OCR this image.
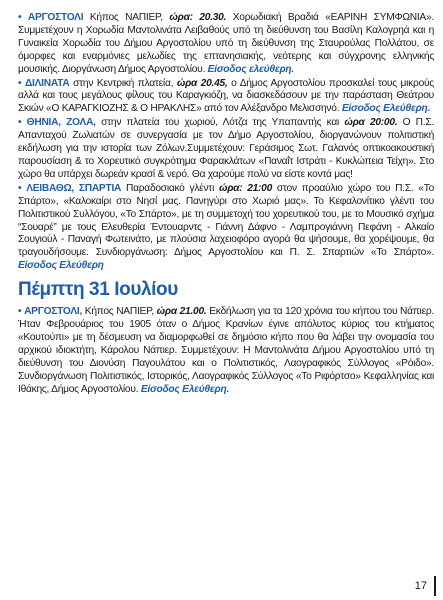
• ΑΡΓΟΣΤΟΛΙ Κήπος ΝΑΠΙΕΡ, ώρα: 20.30. Χορωδιακή Βραδιά «ΕΑΡΙΝΗ ΣΥΜΦΩΝΙΑ». Συμμετέχουν η Χορωδία Μαντολινάτα Λειβαθούς υπό τη διεύθυνση του Βασίλη Καλογρηά και η Γυναικεία Χορωδία του Δήμου Αργοστολίου υπό τη διεύθυνση της Σταυρούλας Πολλάτου, σε όμορφες και εναρμόνιες μελωδίες της επτανησιακής, νεότερης και σύγχρονης ελληνικής μουσικής. Διοργάνωση Δήμος Αργοστολίου. Είσοδος ελεύθερη.

• ΔΙΛΙΝΑΤΑ στην Κεντρική πλατεία, ώρα 20.45, ο Δήμος Αργοστολίου προσκαλεί τους μικρούς αλλά και τους μεγάλους φίλους του Καραγκιόζη, να διασκεδάσουν με την παράσταση Θεάτρου Σκιών «Ο ΚΑΡΑΓΚΙΟΖΗΣ & Ο ΗΡΑΚΛΗΣ» από τον Αλέξανδρο Μελισσηνό. Είσοδος Ελεύθερη.

• ΘΗΝΙΑ, ΖΟΛΑ, στην πλατεία του χωριού, Λότζα της Υπαπαντής και ώρα 20:00. Ο Π.Σ. Απανταχού Ζωλιατών σε συνεργασία με τον Δήμο Αργοστολίου, διοργανώνουν πολιτιστική εκδήλωση για την ιστορία των Ζόλων.Συμμετέχουν: Γεράσιμος Σωτ. Γαλανός οπτικοακουστική παρουσίαση & το Χορευτικό συγκρότημα Φαρακλάτων «Παναΐτ Ιστράτι - Κυκλώπεια Τείχη». Στο χώρο θα υπάρχει δωρεάν κρασί & νερό. Θα χαρούμε πολύ να είστε κοντά μας!

• ΛΕΙΒΑΘΩ, ΣΠΑΡΤΙΑ Παραδοσιακό γλέντι ώρα: 21:00 στον προαύλιο χώρο του Π.Σ. «Το Σπάρτο», «Καλοκαίρι στο Νησί μας. Πανηγύρι στο Χωριό μας». Το Κεφαλονίτικο γλέντι του Πολιτιστικού Συλλόγου, «Το Σπάρτο», με τη συμμετοχή του χορευτικού του, με το Μουσικό σχήμα “Σουαρέ” με τους Ελευθερία Έντουαρντς - Γιάννη Δάφνο - Λαμπρογιάννη Πεφάνη - Αλκαίο Σουγιούλ - Παναγή Φωτεινάτο, με πλούσια λαχειοφόρο αγορά θα ψήσουμε, θα χορέψουμε, θα τραγουδήσουμε. Συνδιοργάνωση: Δήμος Αργοστολίου και Π. Σ. Σπαρτιών «Το Σπάρτο». Είσοδος Ελεύθερη

Πέμπτη 31 Ιουλίου

• ΑΡΓΟΣΤΟΛΙ, Κήπος ΝΑΠΙΕΡ, ώρα 21.00. Εκδήλωση για τα 120 χρόνια του κήπου του Νάπιερ. Ήταν Φεβρουάριος του 1905 όταν ο Δήμος Κρανίων έγινε απόλυτος κύριος του κτήματος «Κουτούπι» με τη δέσμευση να διαμορφωθεί σε δημόσιο κήπο που θα λάβει την ονομασία του αρχικού ιδιοκτήτη, Κάρολου Νάπιερ. Συμμετέχουν: Η Μαντολινάτα Δήμου Αργοστολίου υπό τη διεύθυνση του Διονύση Παγουλάτου και ο Πολιτιστικός, Λαογραφικός Σύλλογος «Ρόιδο». Συνδιοργάνωση Πολιτιστικός, Ιστορικός, Λαογραφικός Σύλλογος «Το Ριφόρτσο» Κεφαλληνίας και Ιθάκης, Δήμος Αργοστολίου. Είσοδος Ελεύθερη.

17
